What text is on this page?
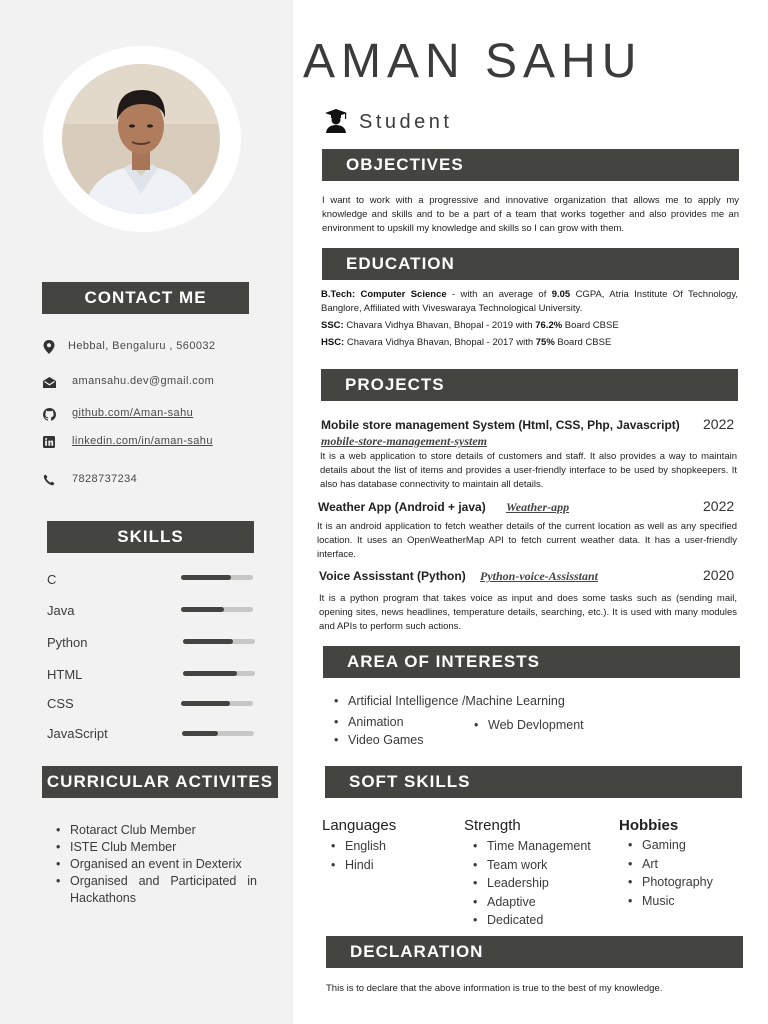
CONTACT ME
Hebbal, Bengaluru , 560032
amansahu.dev@gmail.com
github.com/Aman-sahu
linkedin.com/in/aman-sahu
7828737234
SKILLS
C
Java
Python
HTML
CSS
JavaScript
CURRICULAR ACTIVITES
• Rotaract Club Member
• ISTE Club Member
• Organised an event in Dexterix
• Organised and Participated in Hackathons
AMAN SAHU
Student
OBJECTIVES
I want to work with a progressive and innovative organization that allows me to apply my knowledge and skills and to be a part of a team that works together and also provides me an environment to upskill my knowledge and skills so I can grow with them.
EDUCATION
B.Tech: Computer Science - with an average of 9.05 CGPA, Atria Institute Of Technology, Banglore, Affiliated with Viveswaraya Technological University.
SSC: Chavara Vidhya Bhavan, Bhopal - 2019 with 76.2% Board CBSE
HSC: Chavara Vidhya Bhavan, Bhopal - 2017 with 75% Board CBSE
PROJECTS
Mobile store management System (Html, CSS, Php, Javascript) 2022
mobile-store-management-system
It is a web application to store details of customers and staff. It also provides a way to maintain details about the list of items and provides a user-friendly interface to be used by shopkeepers. It also has database connectivity to maintain all details.
Weather App (Android + java) Weather-app	2022
It is an android application to fetch weather details of the current location as well as any specified location. It uses an OpenWeatherMap API to fetch current weather data. It has a user-friendly interface.
Voice Assisstant (Python) Python-voice-Assisstant	2020
It is a python program that takes voice as input and does some tasks such as (sending mail, opening sites, news headlines, temperature details, searching, etc.). It is used with many modules and APIs to perform such actions.
AREA OF INTERESTS
• Artificial Intelligence /Machine Learning
• Animation
• Video Games
• Web Devlopment
SOFT SKILLS
Languages
• English
• Hindi
Strength
• Time Management
• Team work
• Leadership
• Adaptive
• Dedicated
Hobbies
• Gaming
• Art
• Photography
• Music
DECLARATION
This is to declare that the above information is true to the best of my knowledge.
